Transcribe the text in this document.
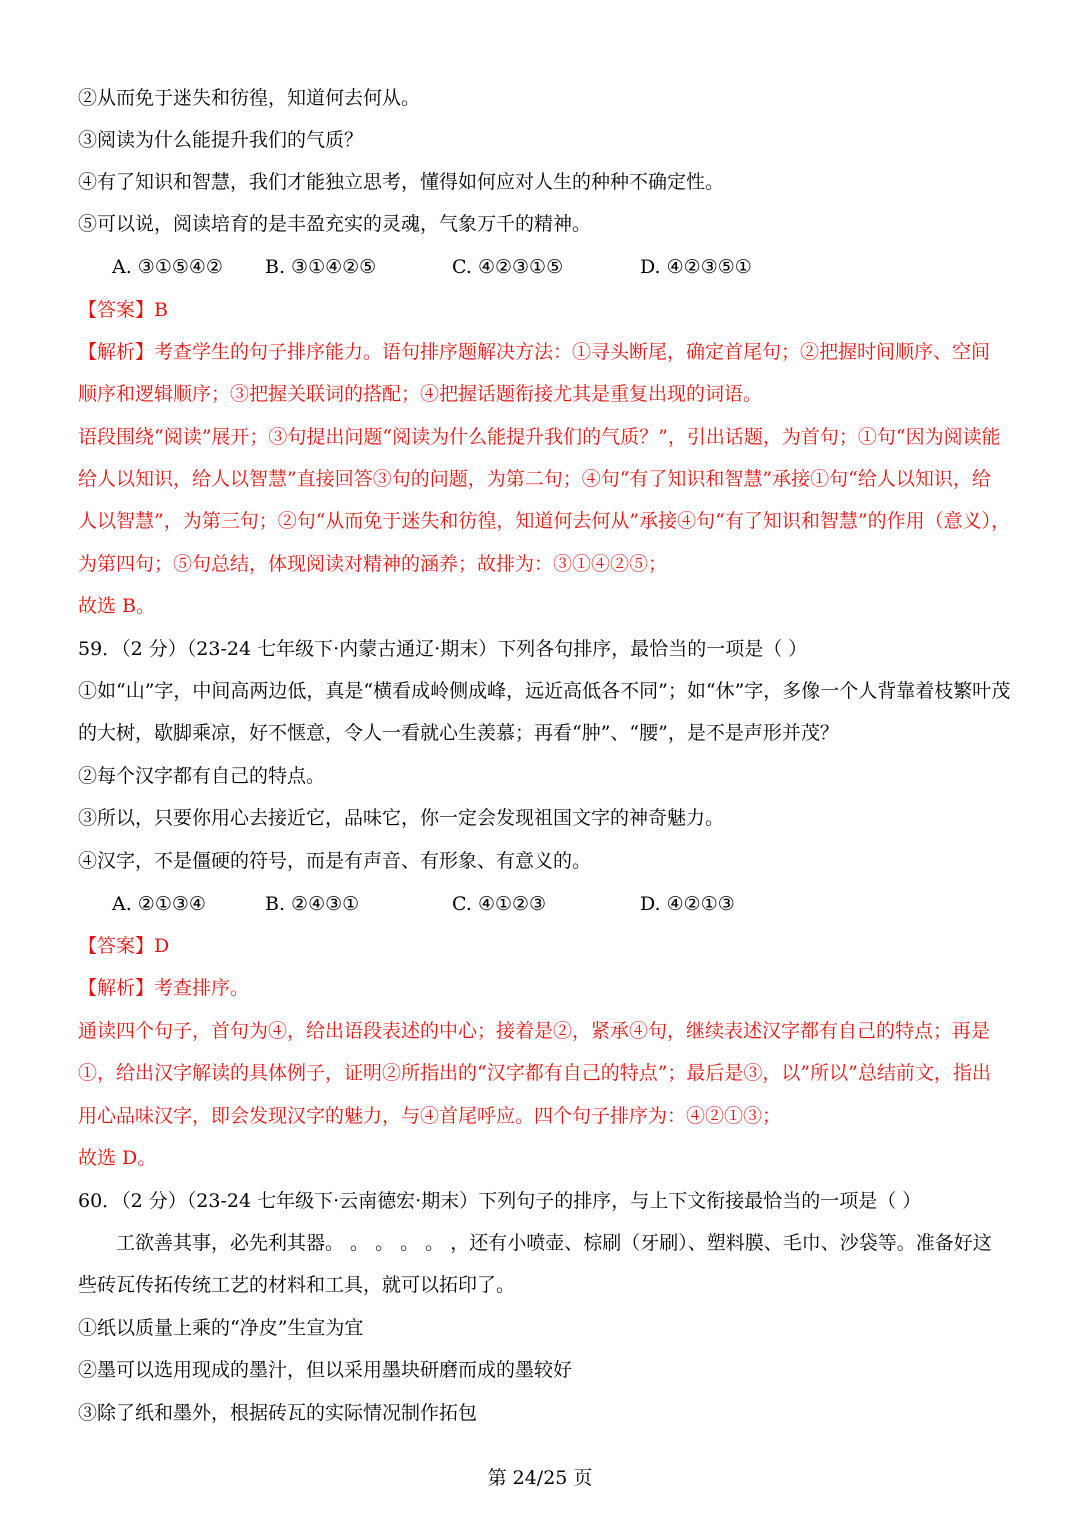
②从而免于迷失和彷徨，知道何去何从。
③阅读为什么能提升我们的气质？
④有了知识和智慧，我们才能独立思考，懂得如何应对人生的种种不确定性。
⑤可以说，阅读培育的是丰盈充实的灵魂，气象万千的精神。
A. ③①⑤④② B. ③①④②⑤	C. ④②③①⑤	D. ④②③⑤①
【答案】B
【解析】考查学生的句子排序能力。语句排序题解决方法：①寻头断尾，确定首尾句；②把握时间顺序、空间
顺序和逻辑顺序；③把握关联词的搭配；④把握话题衔接尤其是重复出现的词语。
语段围绕“阅读”展开；③句提出问题“阅读为什么能提升我们的气质？”，引出话题，为首句；①句“因为阅读能
给人以知识，给人以智慧”直接回答③句的问题，为第二句；④句“有了知识和智慧”承接①句“给人以知识，给
人以智慧”，为第三句；②句“从而免于迷失和彷徨，知道何去何从”承接④句“有了知识和智慧”的作用（意义），
为第四句；⑤句总结，体现阅读对精神的涵养；故排为：③①④②⑤；
故选 B。
59．（2 分）（23-24 七年级下·内蒙古通辽·期末）下列各句排序，最恰当的一项是（ ）
①如“山”字，中间高两边低，真是“横看成岭侧成峰，远近高低各不同”；如“休”字，多像一个人背靠着枝繁叶茂
的大树，歇脚乘凉，好不惬意，令人一看就心生羡慕；再看“肿”、“腰”，是不是声形并茂？
②每个汉字都有自己的特点。
③所以，只要你用心去接近它，品味它，你一定会发现祖国文字的神奇魅力。
④汉字，不是僵硬的符号，而是有声音、有形象、有意义的。
A. ②①③④	B. ②④③①	C. ④①②③	D. ④②①③
【答案】D
【解析】考查排序。
通读四个句子，首句为④，给出语段表述的中心；接着是②，紧承④句，继续表述汉字都有自己的特点；再是
①，给出汉字解读的具体例子，证明②所指出的“汉字都有自己的特点”；最后是③，以”所以”总结前文，指出
用心品味汉字，即会发现汉字的魅力，与④首尾呼应。四个句子排序为：④②①③；
故选 D。
60．（2 分）（23-24 七年级下·云南德宏·期末）下列句子的排序，与上下文衔接最恰当的一项是（ ）
工欲善其事，必先利其器。 。 。 。 。 ，还有小喷壶、棕刷（牙刷）、塑料膜、毛巾、沙袋等。准备好这
些砖瓦传拓传统工艺的材料和工具，就可以拓印了。
①纸以质量上乘的“净皮”生宣为宜
②墨可以选用现成的墨汁，但以采用墨块研磨而成的墨较好
③除了纸和墨外，根据砖瓦的实际情况制作拓包
第 24/25 页
